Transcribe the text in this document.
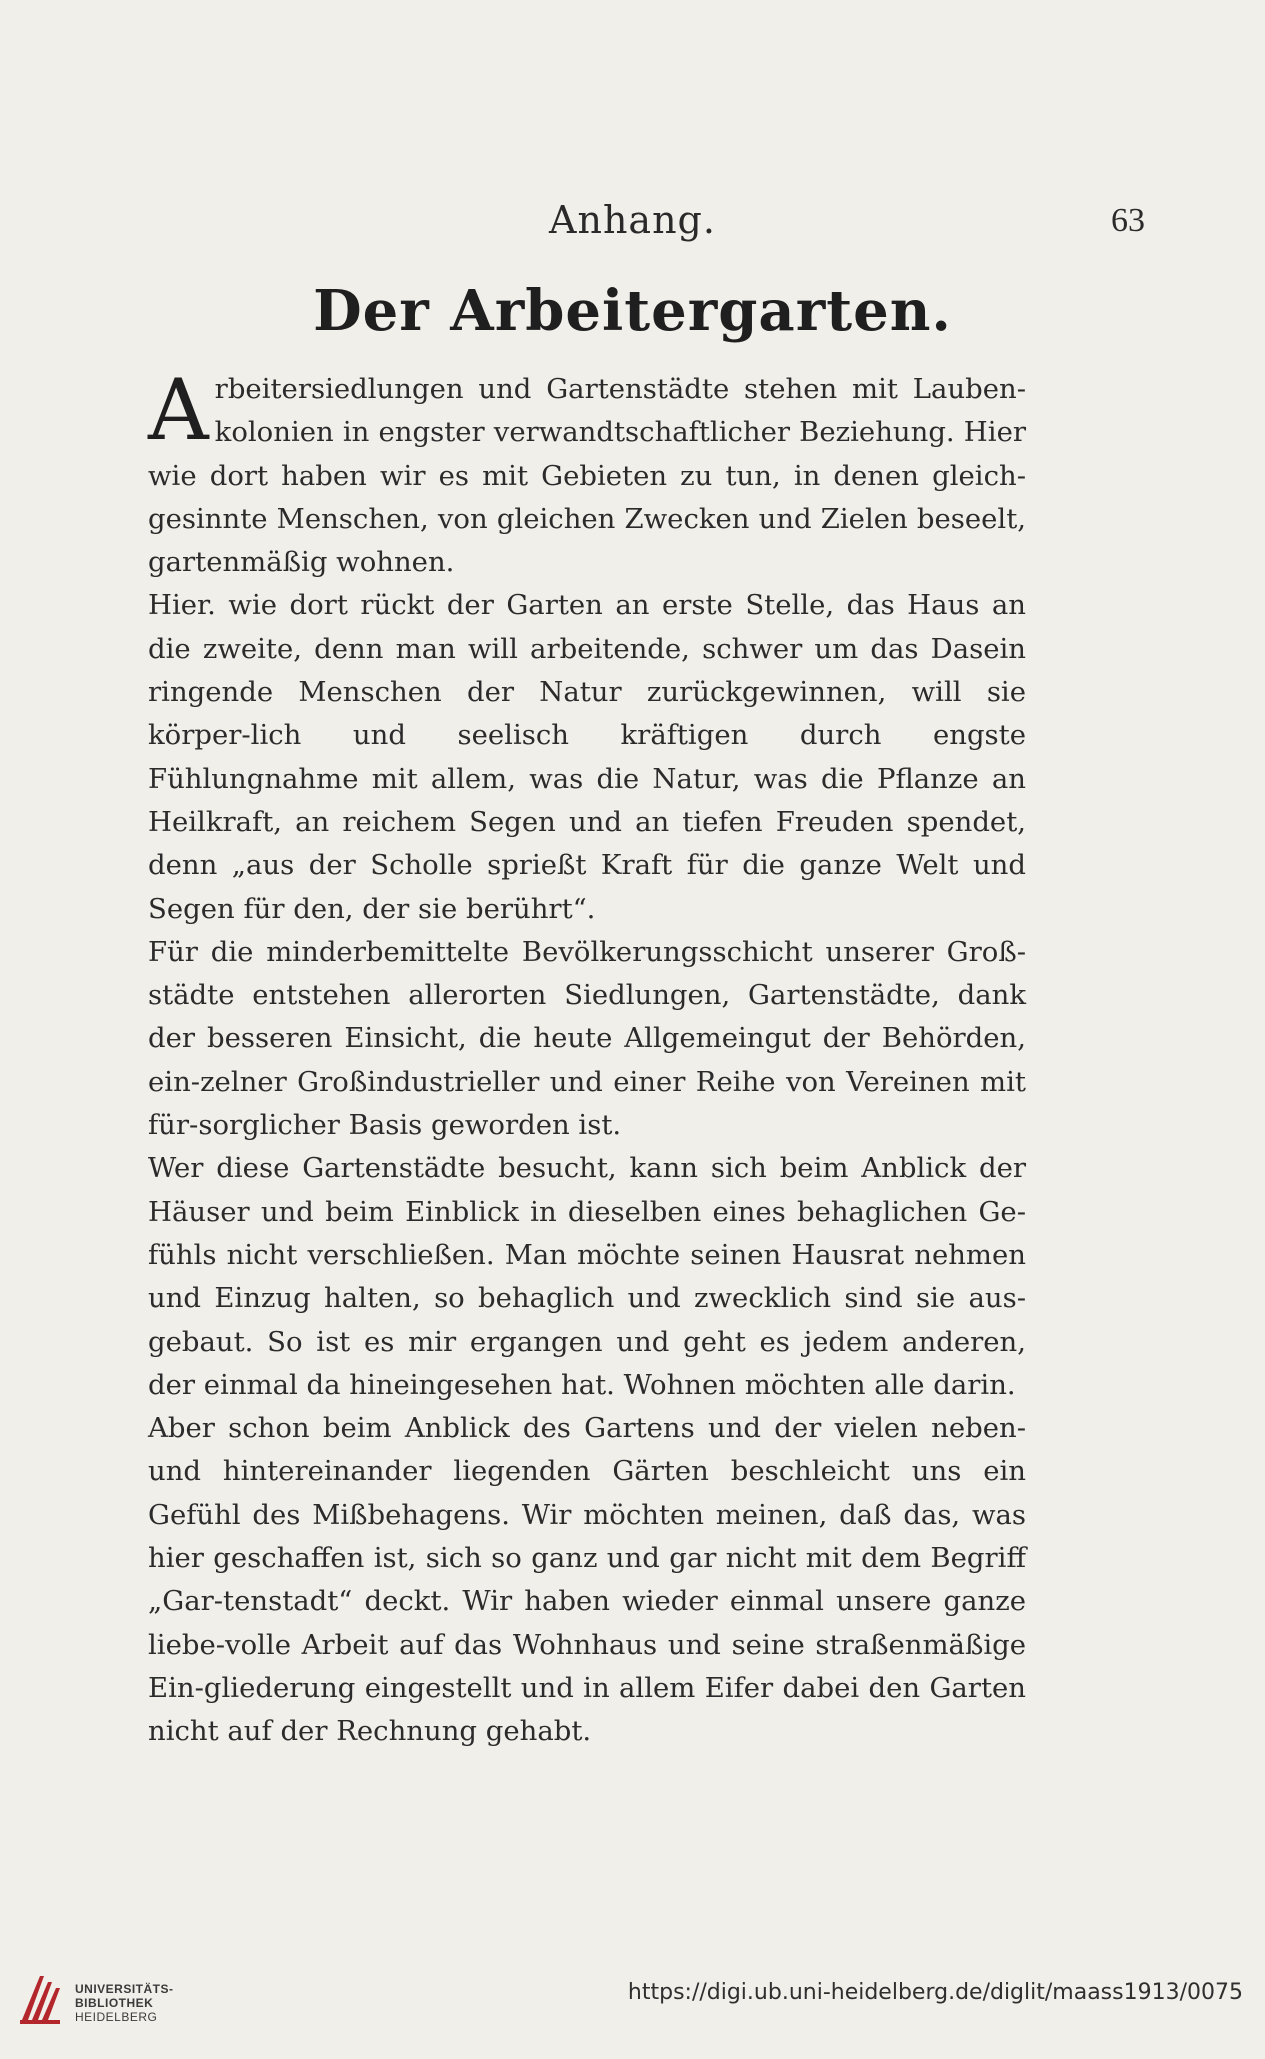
Anhang.	63
Der Arbeitergarten.

Arbeitersiedlungen und Gartenstädte stehen mit Lauben-kolonien in engster verwandtschaftlicher Beziehung. Hier wie dort haben wir es mit Gebieten zu tun, in denen gleich-gesinnte Menschen, von gleichen Zwecken und Zielen beseelt, gartenmäßig wohnen.

Hier. wie dort rückt der Garten an erste Stelle, das Haus an die zweite, denn man will arbeitende, schwer um das Dasein ringende Menschen der Natur zurückgewinnen, will sie körper-lich und seelisch kräftigen durch engste Fühlungnahme mit allem, was die Natur, was die Pflanze an Heilkraft, an reichem Segen und an tiefen Freuden spendet, denn „aus der Scholle sprießt Kraft für die ganze Welt und Segen für den, der sie berührt“.

Für die minderbemittelte Bevölkerungsschicht unserer Groß-städte entstehen allerorten Siedlungen, Gartenstädte, dank der besseren Einsicht, die heute Allgemeingut der Behörden, ein-zelner Großindustrieller und einer Reihe von Vereinen mit für-sorglicher Basis geworden ist.

Wer diese Gartenstädte besucht, kann sich beim Anblick der Häuser und beim Einblick in dieselben eines behaglichen Ge-fühls nicht verschließen. Man möchte seinen Hausrat nehmen und Einzug halten, so behaglich und zwecklich sind sie aus-gebaut. So ist es mir ergangen und geht es jedem anderen, der einmal da hineingesehen hat. Wohnen möchten alle darin.

Aber schon beim Anblick des Gartens und der vielen neben- und hintereinander liegenden Gärten beschleicht uns ein Gefühl des Mißbehagens. Wir möchten meinen, daß das, was hier geschaffen ist, sich so ganz und gar nicht mit dem Begriff „Gar-tenstadt“ deckt. Wir haben wieder einmal unsere ganze liebe-volle Arbeit auf das Wohnhaus und seine straßenmäßige Ein-gliederung eingestellt und in allem Eifer dabei den Garten nicht auf der Rechnung gehabt.

UNIVERSITÄTS-
BIBLIOTHEK
HEIDELBERG
https://digi.ub.uni-heidelberg.de/diglit/maass1913/0075
